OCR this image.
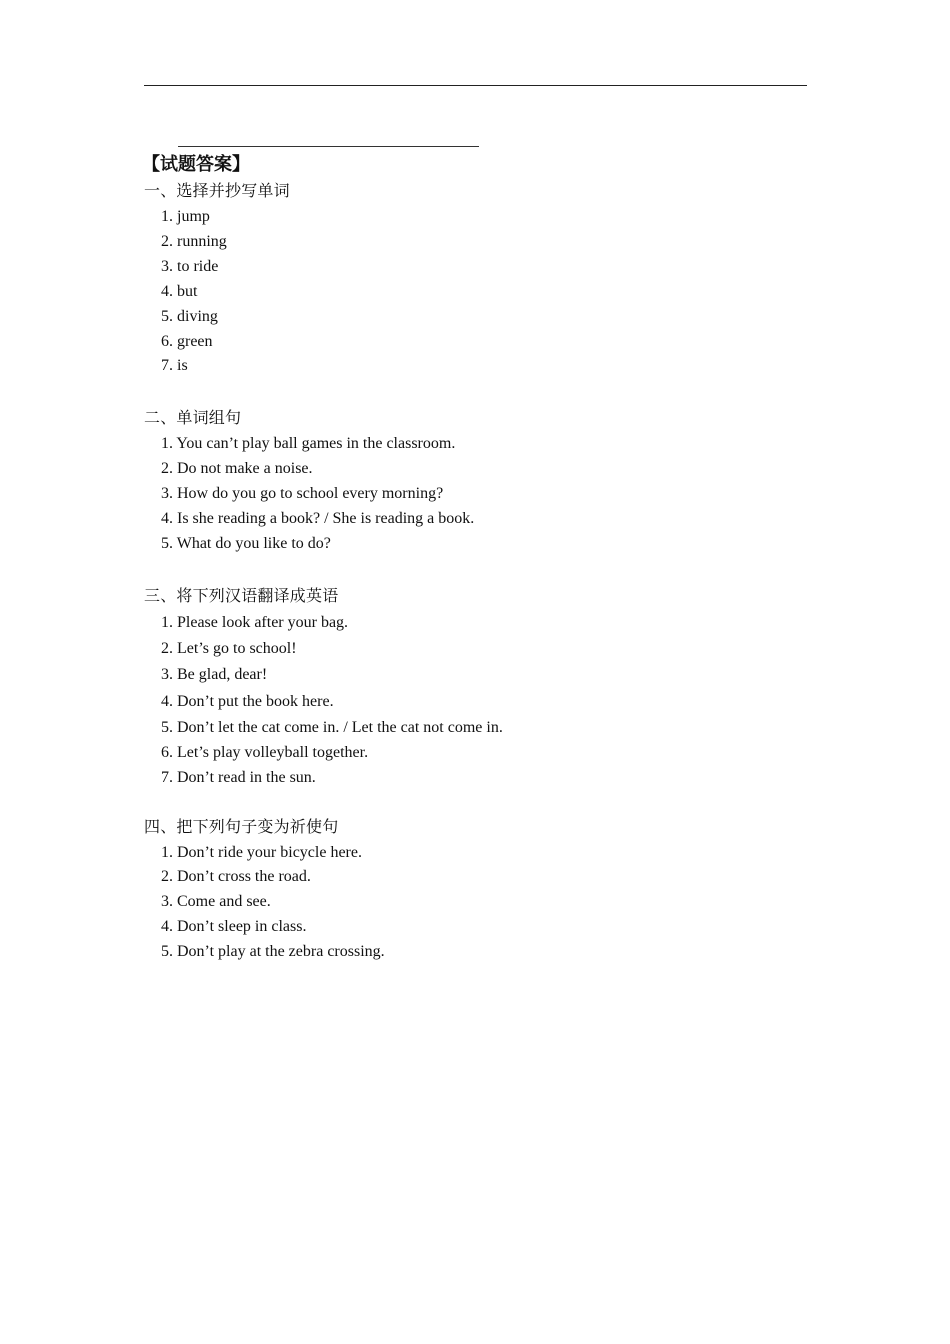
【试题答案】
一、选择并抄写单词
1. jump
2. running
3. to ride
4. but
5. diving
6. green
7. is
二、单词组句
1. You can’t play ball games in the classroom.
2. Do not make a noise.
3. How do you go to school every morning?
4. Is she reading a book? / She is reading a book.
5. What do you like to do?
三、将下列汉语翻译成英语
1. Please look after your bag.
2. Let’s go to school!
3. Be glad, dear!
4. Don’t put the book here.
5. Don’t let the cat come in. / Let the cat not come in.
6. Let’s play volleyball together.
7. Don’t read in the sun.
四、把下列句子变为祈使句
1. Don’t ride your bicycle here.
2. Don’t cross the road.
3. Come and see.
4. Don’t sleep in class.
5. Don’t play at the zebra crossing.
